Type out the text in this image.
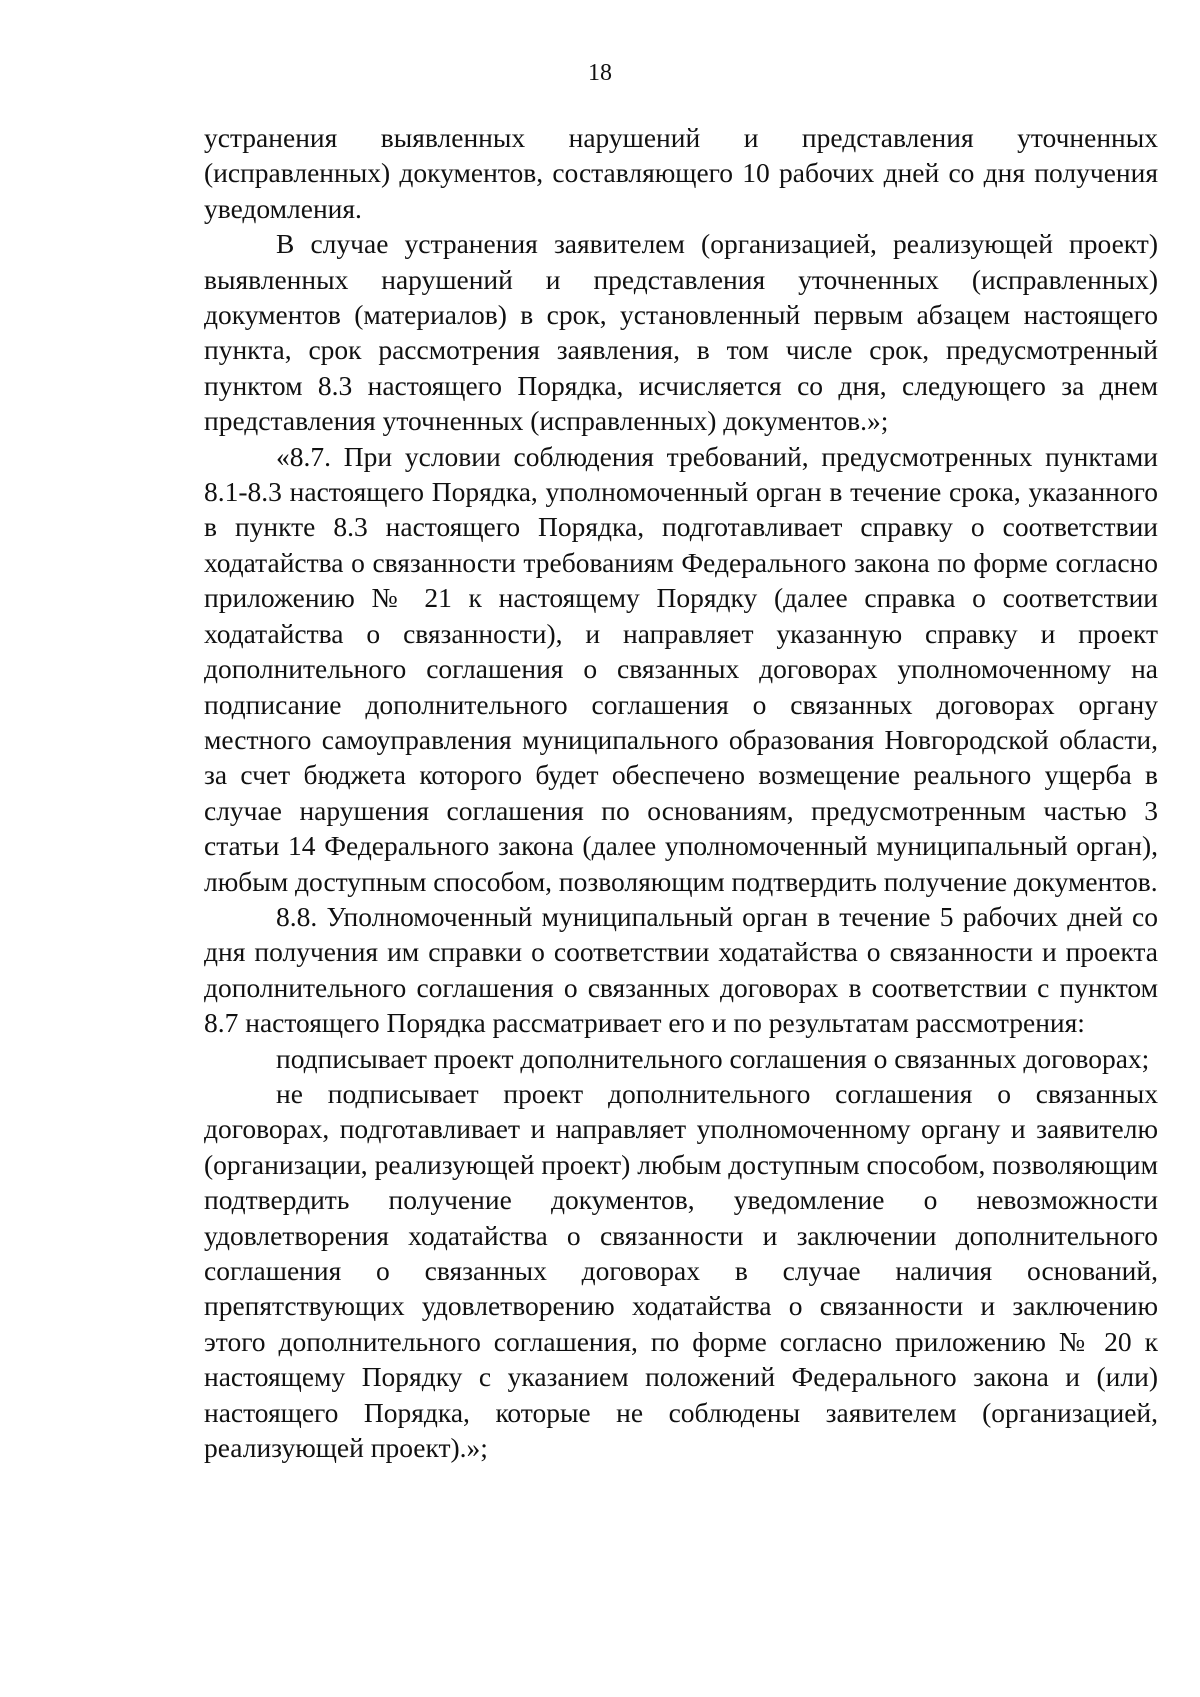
18

устранения выявленных нарушений и представления уточненных (исправленных) документов, составляющего 10 рабочих дней со дня получения уведомления.

В случае устранения заявителем (организацией, реализующей проект) выявленных нарушений и представления уточненных (исправленных) документов (материалов) в срок, установленный первым абзацем настоящего пункта, срок рассмотрения заявления, в том числе срок, предусмотренный пунктом 8.3 настоящего Порядка, исчисляется со дня, следующего за днем представления уточненных (исправленных) документов.»;

«8.7. При условии соблюдения требований, предусмотренных пунктами 8.1-8.3 настоящего Порядка, уполномоченный орган в течение срока, указанного в пункте 8.3 настоящего Порядка, подготавливает справку о соответствии ходатайства о связанности требованиям Федерального закона по форме согласно приложению № 21 к настоящему Порядку (далее справка о соответствии ходатайства о связанности), и направляет указанную справку и проект дополнительного соглашения о связанных договорах уполномоченному на подписание дополнительного соглашения о связанных договорах органу местного самоуправления муниципального образования Новгородской области, за счет бюджета которого будет обеспечено возмещение реального ущерба в случае нарушения соглашения по основаниям, предусмотренным частью 3 статьи 14 Федерального закона (далее уполномоченный муниципальный орган), любым доступным способом, позволяющим подтвердить получение документов.

8.8. Уполномоченный муниципальный орган в течение 5 рабочих дней со дня получения им справки о соответствии ходатайства о связанности и проекта дополнительного соглашения о связанных договорах в соответствии с пунктом 8.7 настоящего Порядка рассматривает его и по результатам рассмотрения:

подписывает проект дополнительного соглашения о связанных договорах;

не подписывает проект дополнительного соглашения о связанных договорах, подготавливает и направляет уполномоченному органу и заявителю (организации, реализующей проект) любым доступным способом, позволяющим подтвердить получение документов, уведомление о невозможности удовлетворения ходатайства о связанности и заключении дополнительного соглашения о связанных договорах в случае наличия оснований, препятствующих удовлетворению ходатайства о связанности и заключению этого дополнительного соглашения, по форме согласно приложению № 20 к настоящему Порядку с указанием положений Федерального закона и (или) настоящего Порядка, которые не соблюдены заявителем (организацией, реализующей проект).»;
